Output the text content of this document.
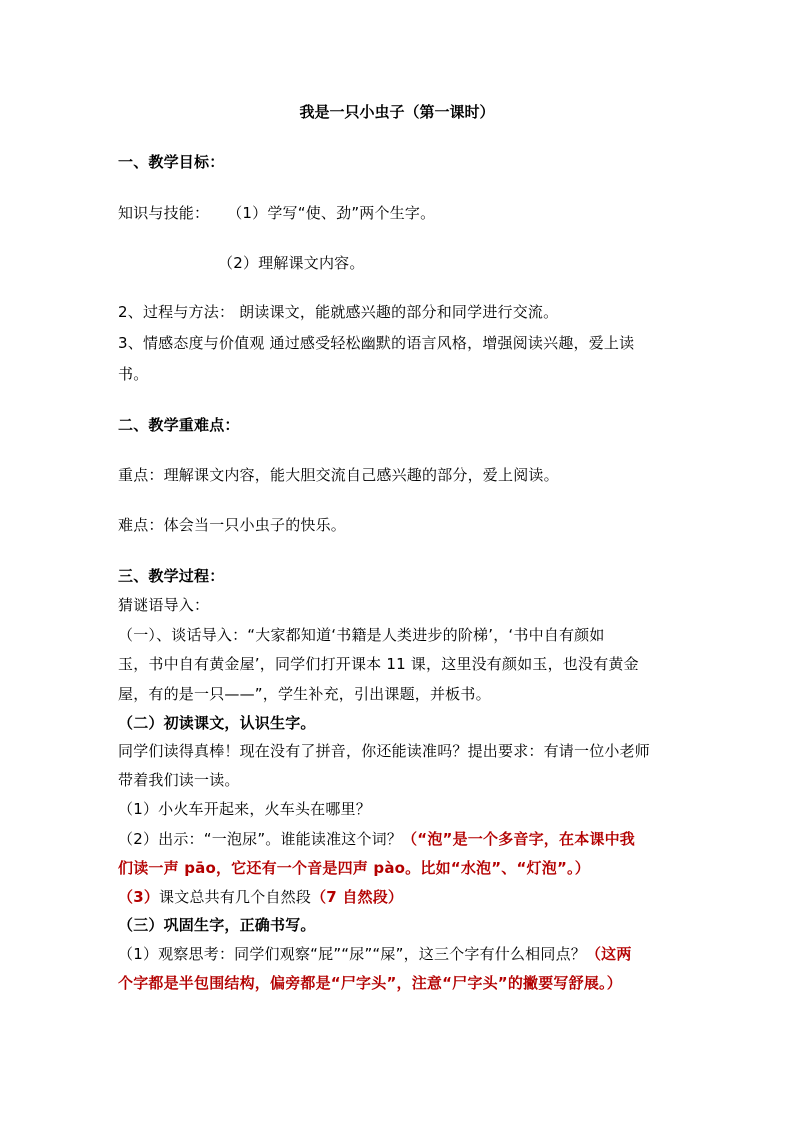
我是一只小虫子（第一课时）
一、教学目标：
知识与技能： （1）学写“使、劲”两个生字。
（2）理解课文内容。
2、过程与方法： 朗读课文，能就感兴趣的部分和同学进行交流。
3、情感态度与价值观 通过感受轻松幽默的语言风格，增强阅读兴趣，爱上读
书。
二、教学重难点：
重点：理解课文内容，能大胆交流自己感兴趣的部分，爱上阅读。
难点：体会当一只小虫子的快乐。
三、教学过程：
猜谜语导入：
（一）、谈话导入：“大家都知道‘书籍是人类进步的阶梯’，‘书中自有颜如
玉，书中自有黄金屋’，同学们打开课本 11 课，这里没有颜如玉，也没有黄金
屋，有的是一只——”，学生补充，引出课题，并板书。
（二）初读课文，认识生字。
同学们读得真棒！现在没有了拼音，你还能读准吗？提出要求：有请一位小老师
带着我们读一读。
（1）小火车开起来，火车头在哪里？
（2）出示：“一泡尿”。谁能读准这个词？（“泡”是一个多音字，在本课中我
们读一声 pāo，它还有一个音是四声 pào。比如“水泡”、“灯泡”。）
（3）课文总共有几个自然段（7 自然段）
（三）巩固生字，正确书写。
（1）观察思考：同学们观察“屁”“尿”“屎”，这三个字有什么相同点？（这两
个字都是半包围结构，偏旁都是“尸字头”，注意“尸字头”的撇要写舒展。）
